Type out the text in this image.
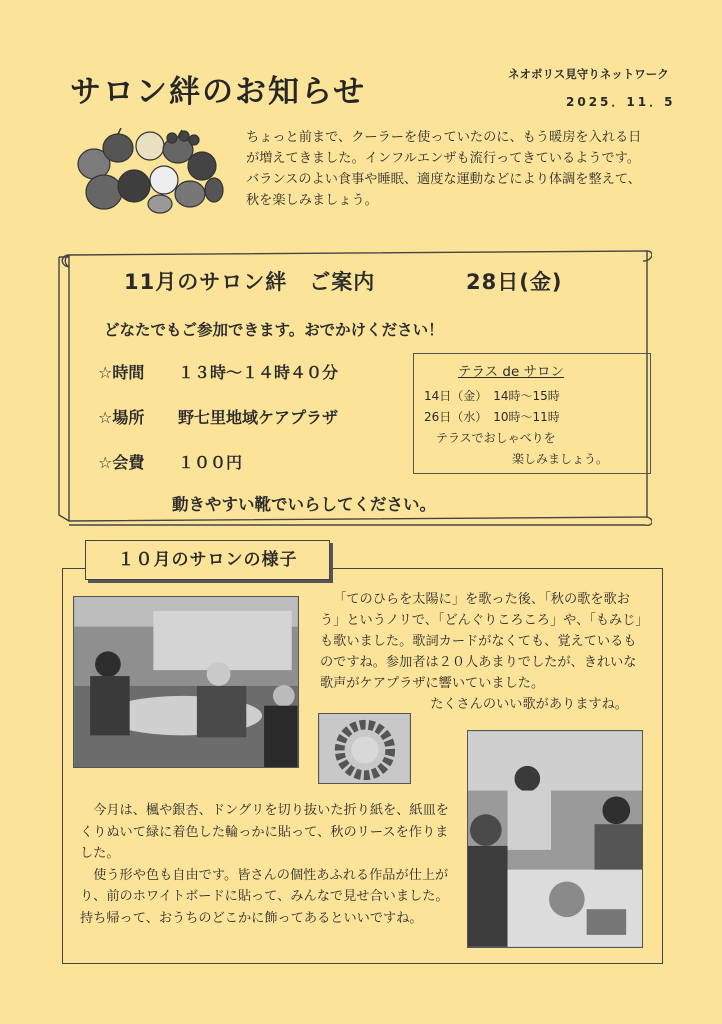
サロン絆のお知らせ	ネオポリス見守りネットワーク
2025．11．5
ちょっと前まで、クーラーを使っていたのに、もう暖房を入れる日が増えてきました。インフルエンザも流行ってきているようです。バランスのよい食事や睡眠、適度な運動などにより体調を整えて、秋を楽しみましょう。
11月のサロン絆　ご案内	28日(金)
どなたでもご参加できます。おでかけください！
☆時間 １３時～１４時４０分
☆場所 野七里地域ケアプラザ
☆会費 １００円
テラス de サロン
14日（金）　14時～15時
26日（水）　10時～11時
テラスでおしゃべりを
楽しみましょう。
動きやすい靴でいらしてください。
１０月のサロンの様子

「てのひらを太陽に」を歌った後、「秋の歌を歌おう」というノリで、「どんぐりころころ」や、「もみじ」も歌いました。歌詞カードがなくても、覚えているものですね。参加者は２０人あまりでしたが、きれいな歌声がケアプラザに響いていました。

たくさんのいい歌がありますね。

今月は、楓や銀杏、ドングリを切り抜いた折り紙を、紙皿をくりぬいて緑に着色した輪っかに貼って、秋のリースを作りました。

使う形や色も自由です。皆さんの個性あふれる作品が仕上がり、前のホワイトボードに貼って、みんなで見せ合いました。持ち帰って、おうちのどこかに飾ってあるといいですね。
